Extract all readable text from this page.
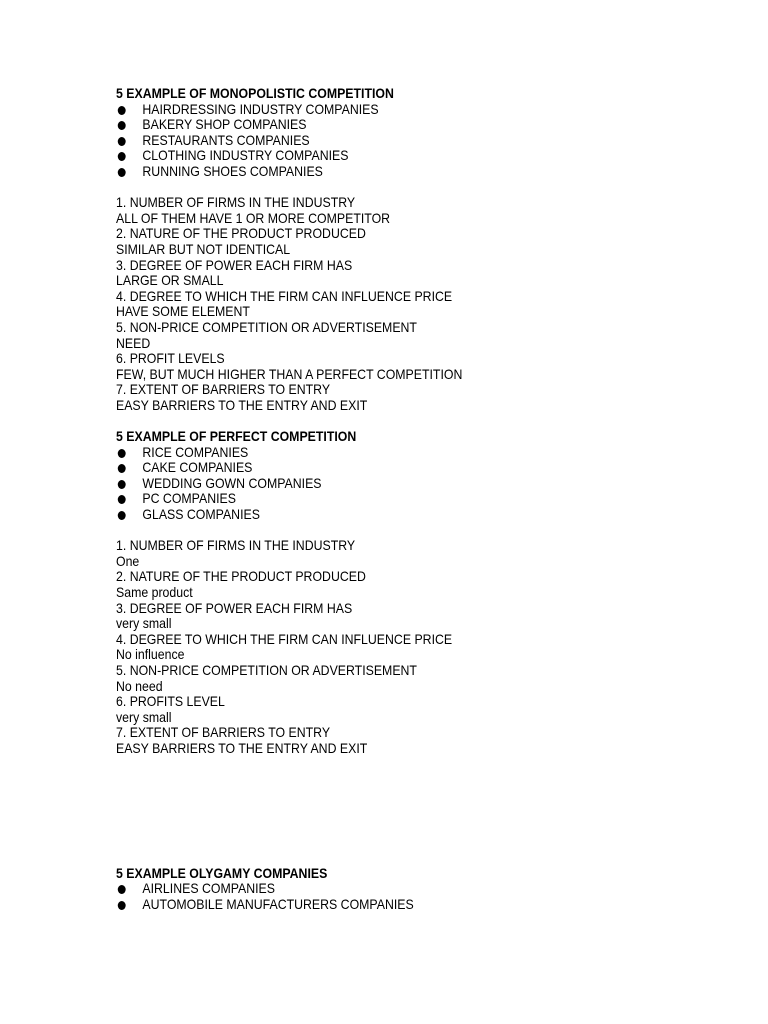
5 EXAMPLE OF MONOPOLISTIC COMPETITION
HAIRDRESSING INDUSTRY COMPANIES
BAKERY SHOP COMPANIES
RESTAURANTS COMPANIES
CLOTHING INDUSTRY COMPANIES
RUNNING SHOES COMPANIES
1. NUMBER OF FIRMS IN THE INDUSTRY
ALL OF THEM HAVE 1 OR MORE COMPETITOR
2. NATURE OF THE PRODUCT PRODUCED
SIMILAR BUT NOT IDENTICAL
3. DEGREE OF POWER EACH FIRM HAS
LARGE OR SMALL
4. DEGREE TO WHICH THE FIRM CAN INFLUENCE PRICE
HAVE SOME ELEMENT
5. NON-PRICE COMPETITION OR ADVERTISEMENT
NEED
6. PROFIT LEVELS
FEW, BUT MUCH HIGHER THAN A PERFECT COMPETITION
7. EXTENT OF BARRIERS TO ENTRY
EASY BARRIERS TO THE ENTRY AND EXIT
5 EXAMPLE OF PERFECT COMPETITION
RICE COMPANIES
CAKE COMPANIES
WEDDING GOWN COMPANIES
PC COMPANIES
GLASS COMPANIES
1. NUMBER OF FIRMS IN THE INDUSTRY
One
2. NATURE OF THE PRODUCT PRODUCED
Same product
3. DEGREE OF POWER EACH FIRM HAS
very small
4. DEGREE TO WHICH THE FIRM CAN INFLUENCE PRICE
No influence
5. NON-PRICE COMPETITION OR ADVERTISEMENT
No need
6. PROFITS LEVEL
very small
7. EXTENT OF BARRIERS TO ENTRY
EASY BARRIERS TO THE ENTRY AND EXIT
5 EXAMPLE OLYGAMY COMPANIES
AIRLINES COMPANIES
AUTOMOBILE MANUFACTURERS COMPANIES
